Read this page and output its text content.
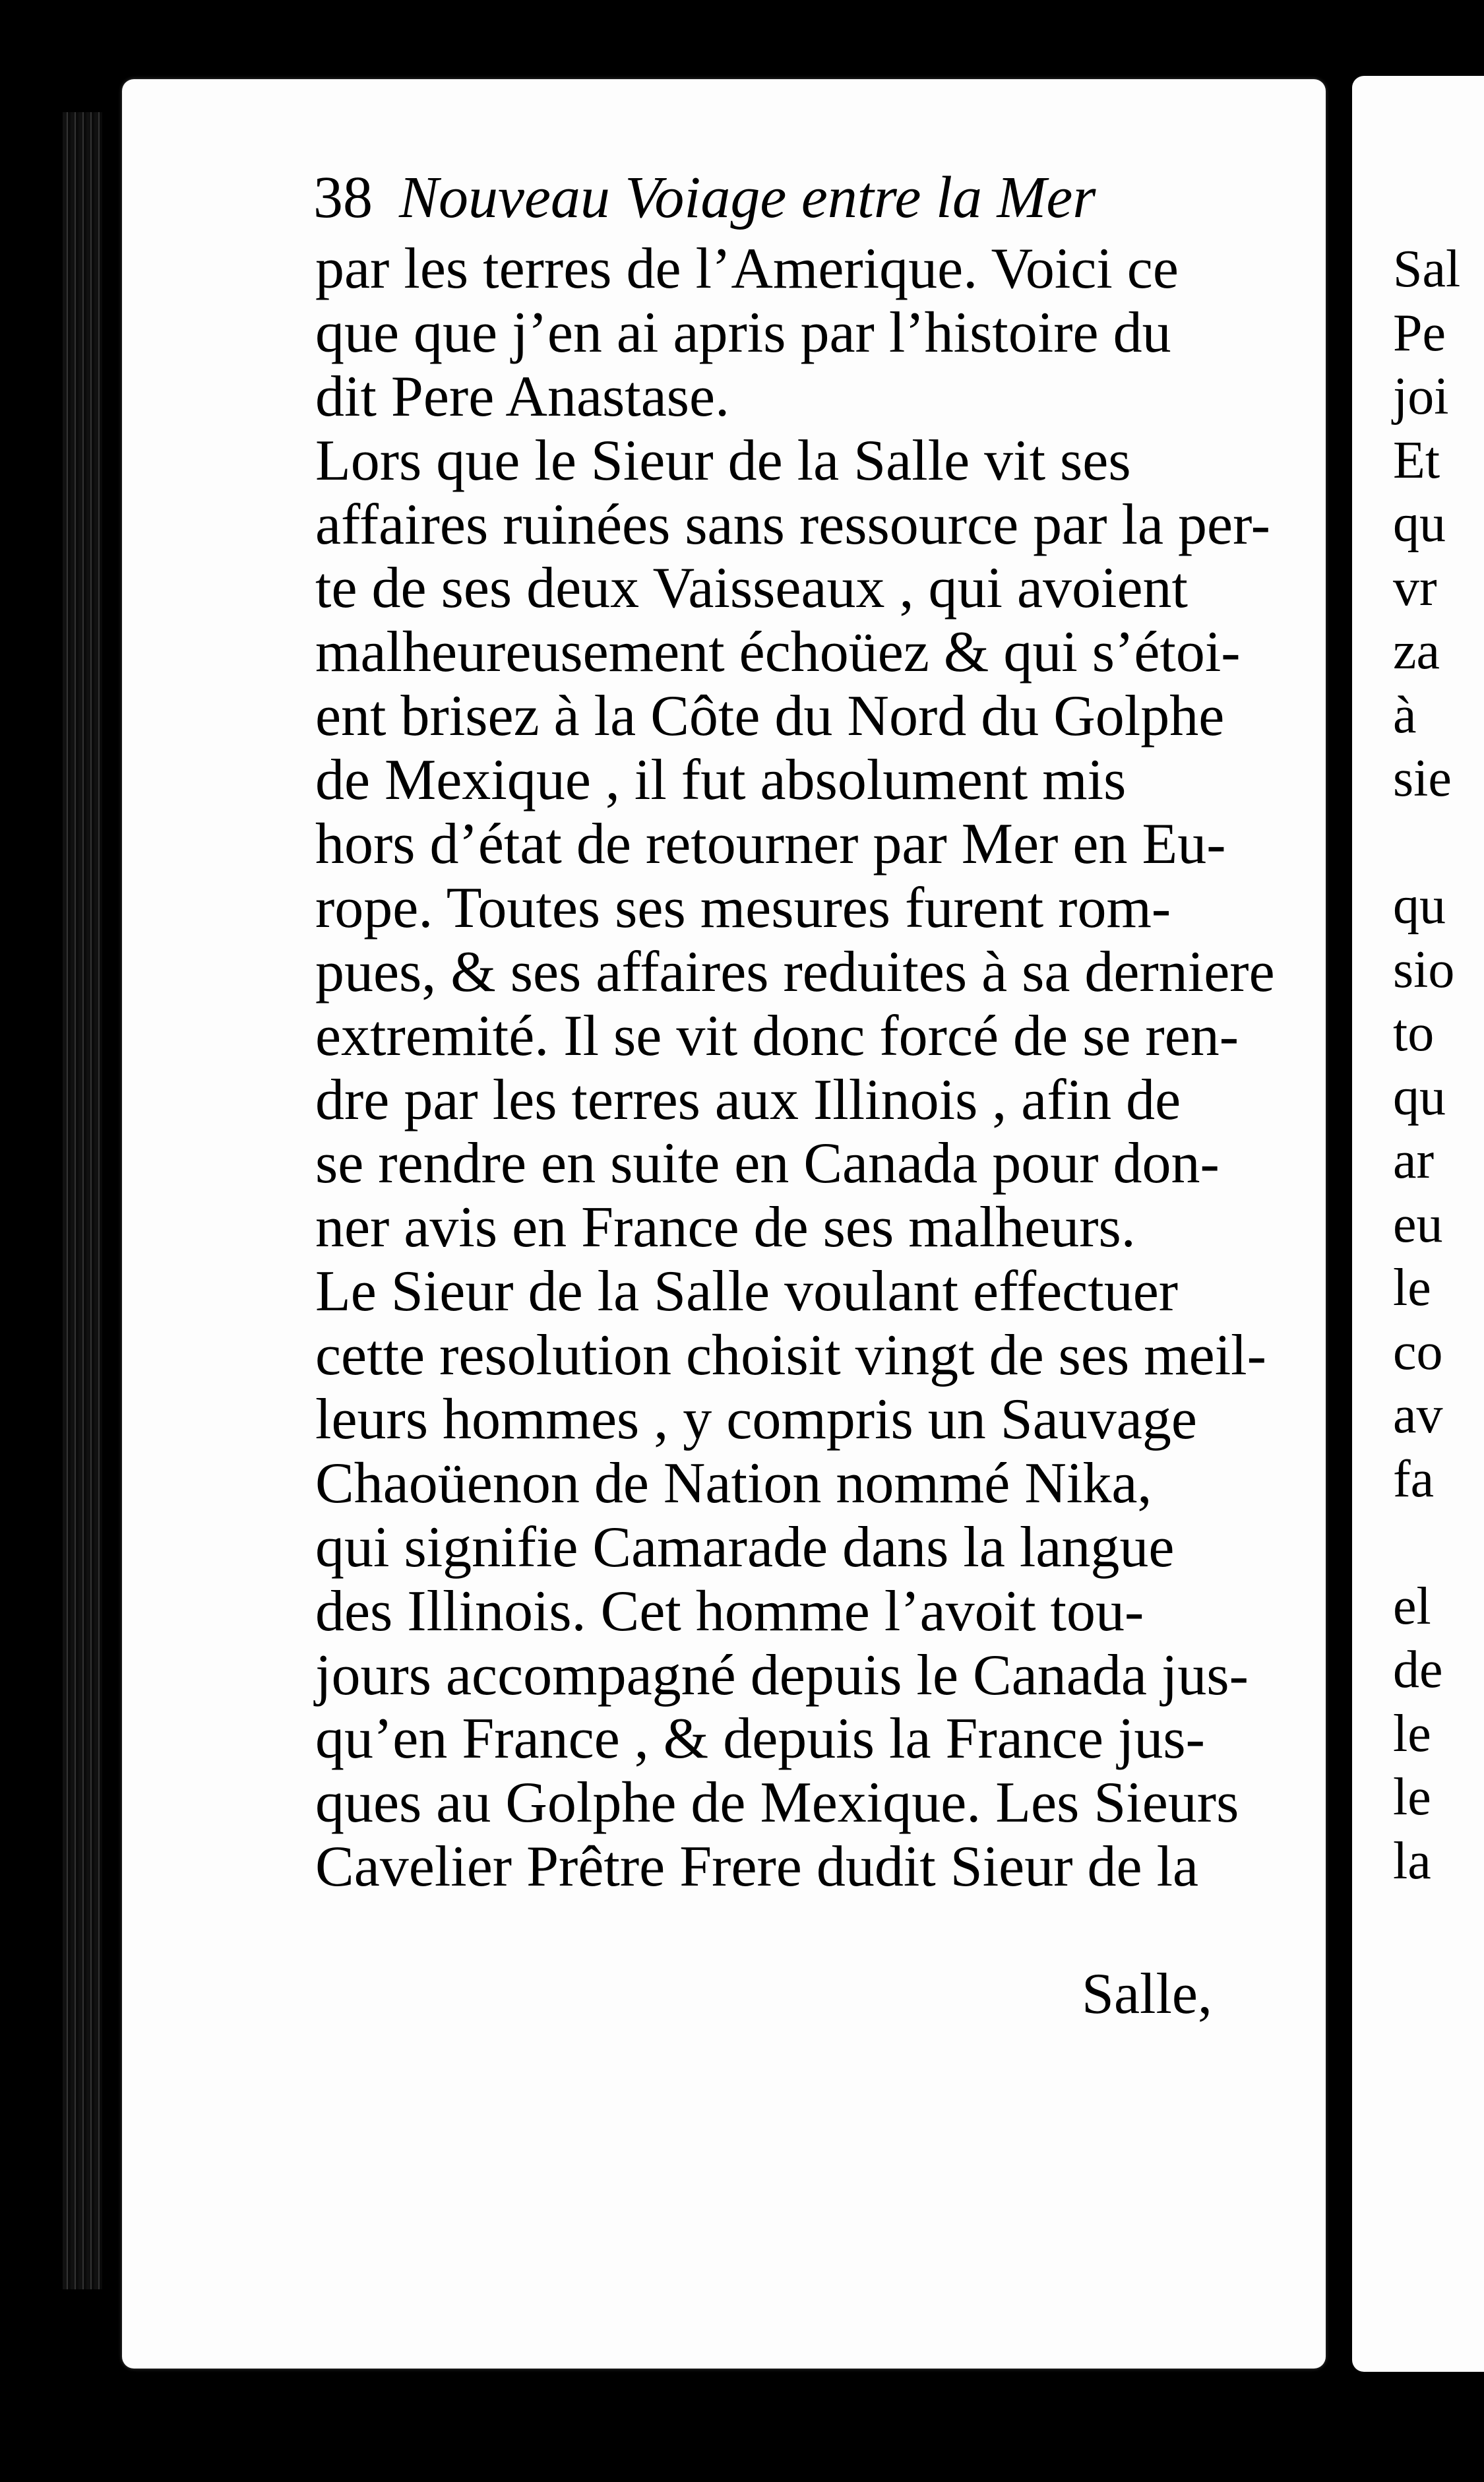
38 Nouveau Voiage entre la Mer
par les terres de l’Amerique. Voici ce
que que j’en ai apris par l’histoire du
dit Pere Anastase.
Lors que le Sieur de la Salle vit ses
affaires ruinées sans ressource par la per-
te de ses deux Vaisseaux , qui avoient
malheureusement échoüez & qui s’étoi-
ent brisez à la Côte du Nord du Golphe
de Mexique , il fut absolument mis
hors d’état de retourner par Mer en Eu-
rope. Toutes ses mesures furent rom-
pues, & ses affaires reduites à sa derniere
extremité. Il se vit donc forcé de se ren-
dre par les terres aux Illinois , afin de
se rendre en suite en Canada pour don-
ner avis en France de ses malheurs.
Le Sieur de la Salle voulant effectuer
cette resolution choisit vingt de ses meil-
leurs hommes , y compris un Sauvage
Chaoüenon de Nation nommé Nika,
qui signifie Camarade dans la langue
des Illinois. Cet homme l’avoit tou-
jours accompagné depuis le Canada jus-
qu’en France , & depuis la France jus-
ques au Golphe de Mexique. Les Sieurs
Cavelier Prêtre Frere dudit Sieur de la
Salle,
Sal
Pe
joi
Et
qu
vr
za
à
sie
qu
sio
to
qu
ar
eu
le
co
av
fa
el
de
le
le
la
